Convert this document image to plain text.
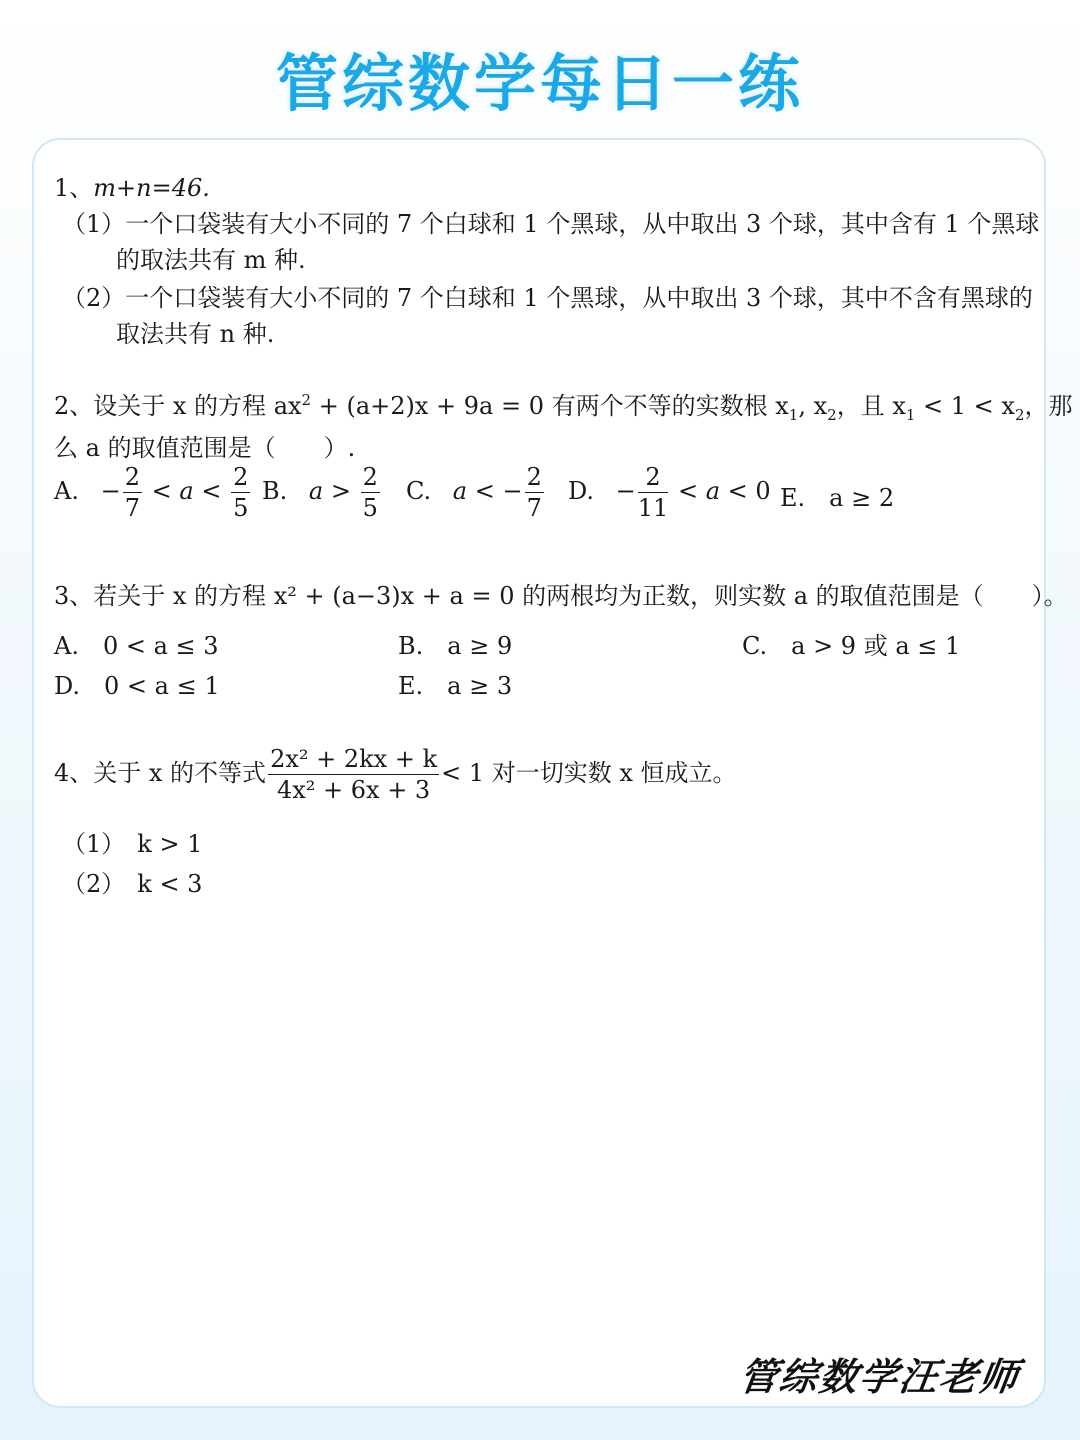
管综数学每日一练
1、m+n=46.
（1）一个口袋装有大小不同的 7 个白球和 1 个黑球，从中取出 3 个球，其中含有 1 个黑球
的取法共有 m 种.
（2）一个口袋装有大小不同的 7 个白球和 1 个黑球，从中取出 3 个球，其中不含有黑球的
取法共有 n 种.
2、设关于 x 的方程 $ax^2 + (a+2)x + 9a = 0$ 有两个不等的实数根 $x_1$, $x_2$，且 $x_1 < 1 < x_2$，那
么 a 的取值范围是（　　）.
A. − $\frac{2}{7} < a < \frac{2}{5} B$. $a > \frac{2}{5} C$. a < − $\frac{2}{7} D$. − $\frac{2}{11} < a < 0$ E.　a ≥ 2
3、若关于 x 的方程 x² + (a−3)x + a = 0 的两根均为正数，则实数 a 的取值范围是（　　）。
A.　0 < a ≤ 3	B.　a ≥ 9	C.　a > 9 或 a ≤ 1
D.　0 < a ≤ 1	E.　a ≥ 3
4、关于 x 的不等式 $\frac{\text{2x² + 2kx + k}}{\text{4x² + 6x + 3}} < 1$ 对一切实数 x 恒成立。
（1）　k > 1
（2）　k < 3
管综数学汪老师
